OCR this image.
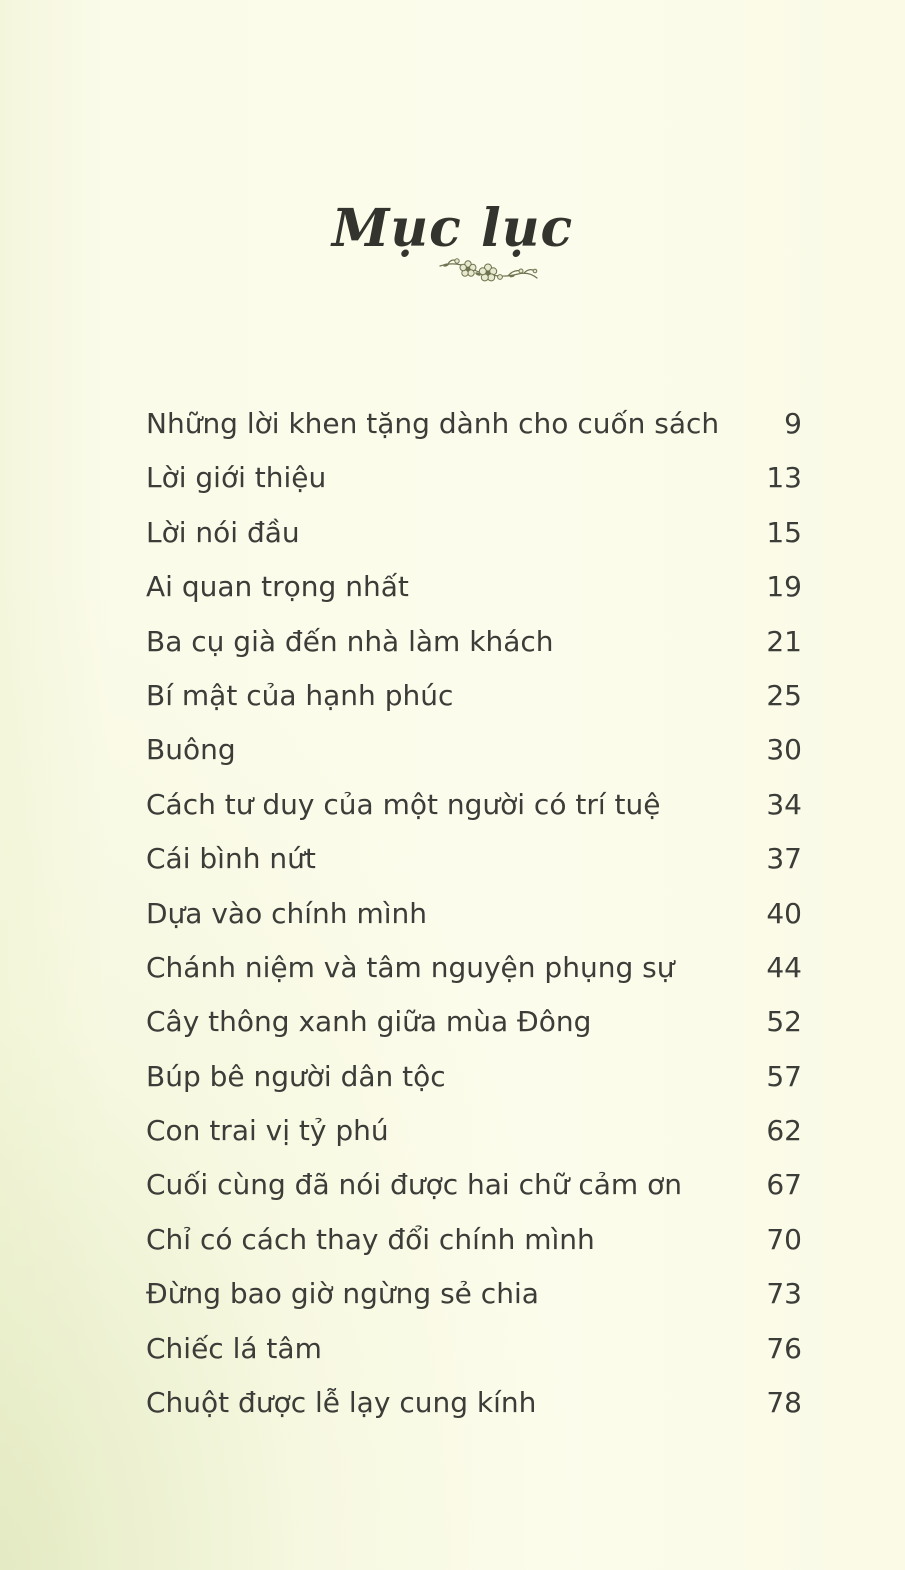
Mục lục
Những lời khen tặng dành cho cuốn sách 9
Lời giới thiệu	13
Lời nói đầu	15
Ai quan trọng nhất	19
Ba cụ già đến nhà làm khách	21
Bí mật của hạnh phúc	25
Buông	30
Cách tư duy của một người có trí tuệ	34
Cái bình nứt	37
Dựa vào chính mình	40
Chánh niệm và tâm nguyện phụng sự	44
Cây thông xanh giữa mùa Đông	52
Búp bê người dân tộc	57
Con trai vị tỷ phú	62
Cuối cùng đã nói được hai chữ cảm ơn	67
Chỉ có cách thay đổi chính mình	70
Đừng bao giờ ngừng sẻ chia	73
Chiếc lá tâm	76
Chuột được lễ lạy cung kính	78
